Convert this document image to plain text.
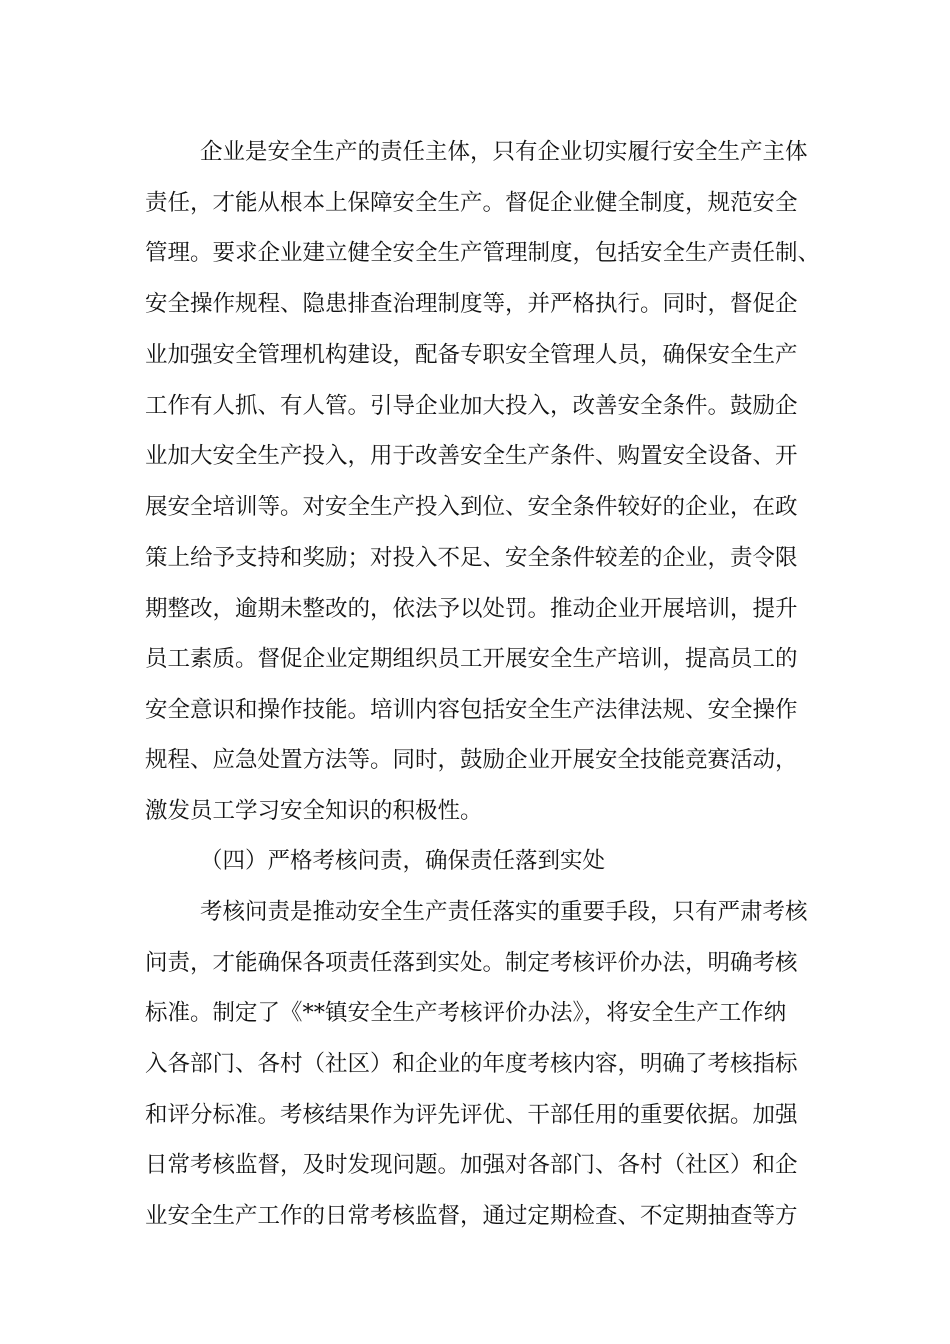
企业是安全生产的责任主体，只有企业切实履行安全生产主体

责任，才能从根本上保障安全生产。督促企业健全制度，规范安全

管理。要求企业建立健全安全生产管理制度，包括安全生产责任制、

安全操作规程、隐患排查治理制度等，并严格执行。同时，督促企

业加强安全管理机构建设，配备专职安全管理人员，确保安全生产

工作有人抓、有人管。引导企业加大投入，改善安全条件。鼓励企

业加大安全生产投入，用于改善安全生产条件、购置安全设备、开

展安全培训等。对安全生产投入到位、安全条件较好的企业，在政

策上给予支持和奖励；对投入不足、安全条件较差的企业，责令限

期整改，逾期未整改的，依法予以处罚。推动企业开展培训，提升

员工素质。督促企业定期组织员工开展安全生产培训，提高员工的

安全意识和操作技能。培训内容包括安全生产法律法规、安全操作

规程、应急处置方法等。同时，鼓励企业开展安全技能竞赛活动，

激发员工学习安全知识的积极性。

（四）严格考核问责，确保责任落到实处

考核问责是推动安全生产责任落实的重要手段，只有严肃考核

问责，才能确保各项责任落到实处。制定考核评价办法，明确考核

标准。制定了《**镇安全生产考核评价办法》，将安全生产工作纳

入各部门、各村（社区）和企业的年度考核内容，明确了考核指标

和评分标准。考核结果作为评先评优、干部任用的重要依据。加强

日常考核监督，及时发现问题。加强对各部门、各村（社区）和企

业安全生产工作的日常考核监督，通过定期检查、不定期抽查等方
